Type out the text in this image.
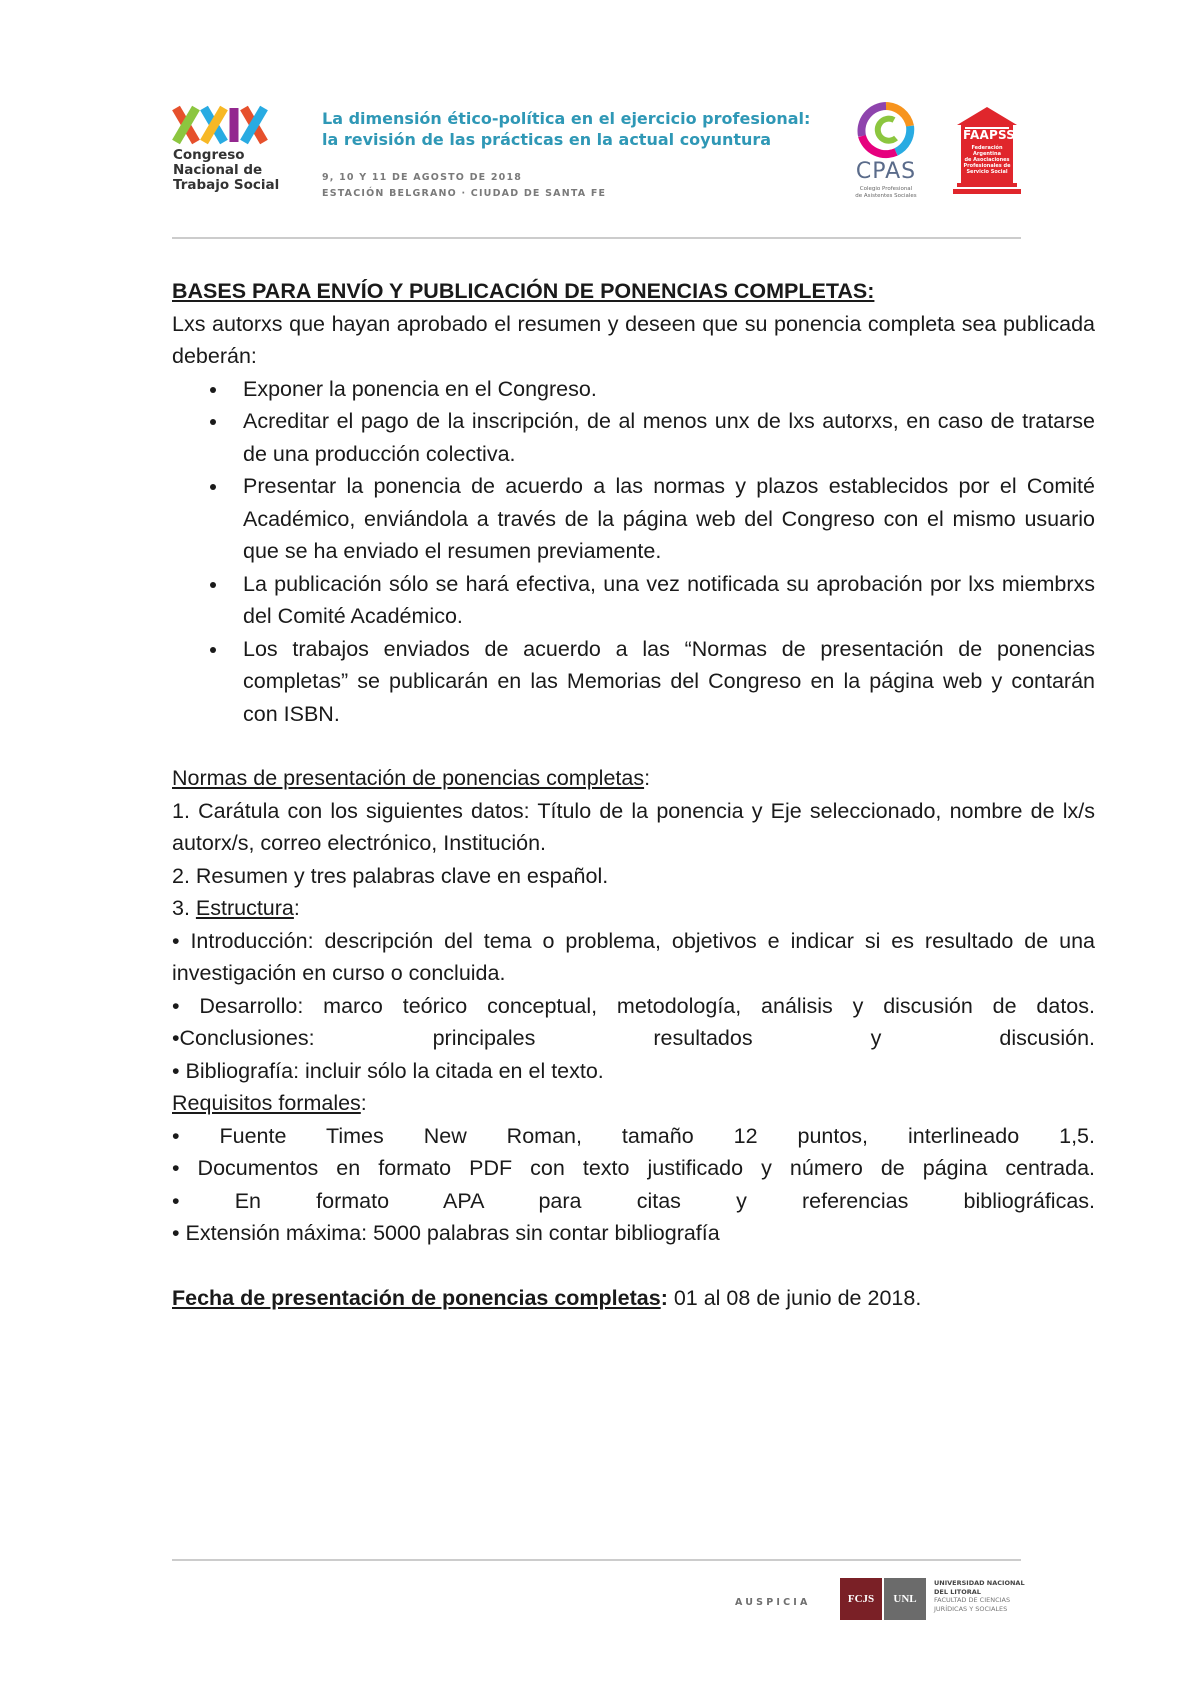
Congreso
Nacional de
Trabajo Social
La dimensión ético-política en el ejercicio profesional:
la revisión de las prácticas en la actual coyuntura
9, 10 Y 11 DE AGOSTO DE 2018
ESTACIÓN BELGRANO · CIUDAD DE SANTA FE
CPAS
Colegio Profesional
de Asistentes Sociales
FAAPSS
Federación Argentina
de Asociaciones
Profesionales de
Servicio Social

BASES PARA ENVÍO Y PUBLICACIÓN DE PONENCIAS COMPLETAS:

Lxs autorxs que hayan aprobado el resumen y deseen que su ponencia completa sea publicada deberán:

Exponer la ponencia en el Congreso.
Acreditar el pago de la inscripción, de al menos unx de lxs autorxs, en caso de tratarse de una producción colectiva.
Presentar la ponencia de acuerdo a las normas y plazos establecidos por el Comité Académico, enviándola a través de la página web del Congreso con el mismo usuario que se ha enviado el resumen previamente.
La publicación sólo se hará efectiva, una vez notificada su aprobación por lxs miembrxs del Comité Académico.
Los trabajos enviados de acuerdo a las “Normas de presentación de ponencias completas” se publicarán en las Memorias del Congreso en la página web y contarán con ISBN.

Normas de presentación de ponencias completas:

1. Carátula con los siguientes datos: Título de la ponencia y Eje seleccionado, nombre de lx/s autorx/s, correo electrónico, Institución.

2. Resumen y tres palabras clave en español.

3. Estructura:

• Introducción: descripción del tema o problema, objetivos e indicar si es resultado de una investigación en curso o concluida.

• Desarrollo: marco teórico conceptual, metodología, análisis y discusión de datos.

•Conclusiones: principales resultados y discusión.

• Bibliografía: incluir sólo la citada en el texto.

Requisitos formales:

• Fuente Times New Roman, tamaño 12 puntos, interlineado 1,5.

• Documentos en formato PDF con texto justificado y número de página centrada.

• En formato APA para citas y referencias bibliográficas.

• Extensión máxima: 5000 palabras sin contar bibliografía

Fecha de presentación de ponencias completas: 01 al 08 de junio de 2018.

AUSPICIA	FCJS	UNL
UNIVERSIDAD NACIONAL
DEL LITORAL
FACULTAD DE CIENCIAS
JURÍDICAS Y SOCIALES
